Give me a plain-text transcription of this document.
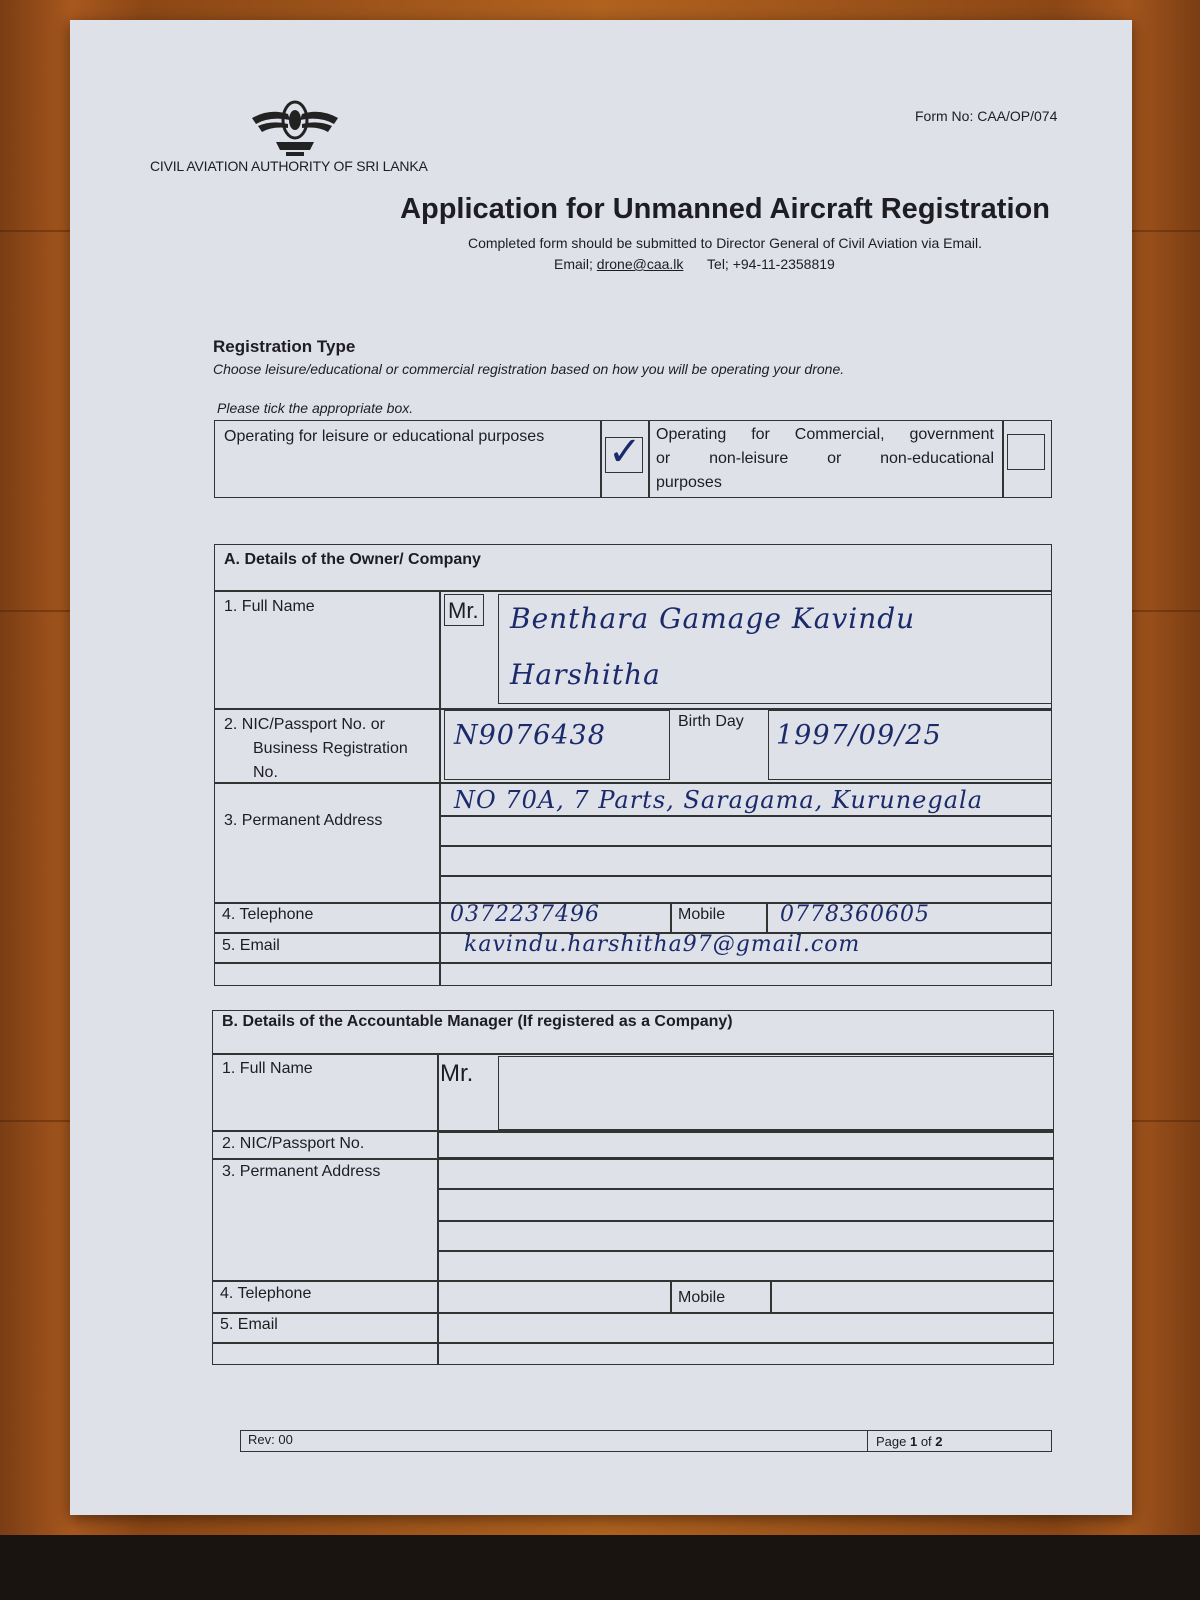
CIVIL AVIATION AUTHORITY OF SRI LANKA
Form No: CAA/OP/074
Application for Unmanned Aircraft Registration
Completed form should be submitted to Director General of Civil Aviation via Email.
Email; drone@caa.lk Tel; +94-11-2358819
Registration Type
Choose leisure/educational or commercial registration based on how you will be operating your drone.
Please tick the appropriate box.
Operating for leisure or educational purposes ✓ Operating for Commercial, government
or non-leisure or non-educational
purposes
A. Details of the Owner/ Company
1. Full Name	Mr. Benthara Gamage Kavindu
Harshitha
2. NIC/Passport No. or
Business Registration
No.
N9076438	Birth Day 1997/09/25
3. Permanent Address
NO 70A, 7 Parts, Saragama, Kurunegala
4. Telephone	0372237496	Mobile 0778360605
5. Email	kavindu.harshitha97@gmail.com
B. Details of the Accountable Manager (If registered as a Company)
1. Full Name	Mr.
2. NIC/Passport No.
3. Permanent Address
4. Telephone	Mobile
5. Email
Rev: 00	Page 1 of 2
